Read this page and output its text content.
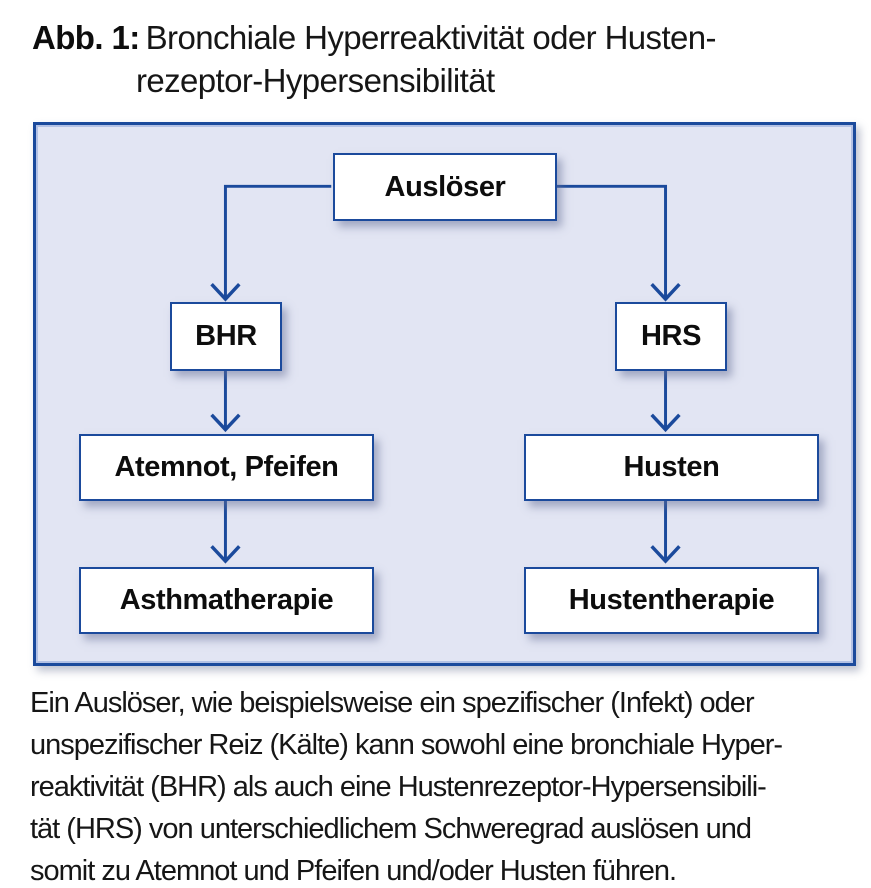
Abb. 1: Bronchiale Hyperreaktivität oder Husten-
rezeptor-Hypersensibilität
Auslöser
BHR	HRS
Atemnot, Pfeifen	Husten
Asthmatherapie	Hustentherapie
Ein Auslöser, wie beispielsweise ein spezifischer (Infekt) oder
unspezifischer Reiz (Kälte) kann sowohl eine bronchiale Hyper-
reaktivität (BHR) als auch eine Hustenrezeptor-Hypersensibili-
tät (HRS) von unterschiedlichem Schweregrad auslösen und
somit zu Atemnot und Pfeifen und/oder Husten führen.
